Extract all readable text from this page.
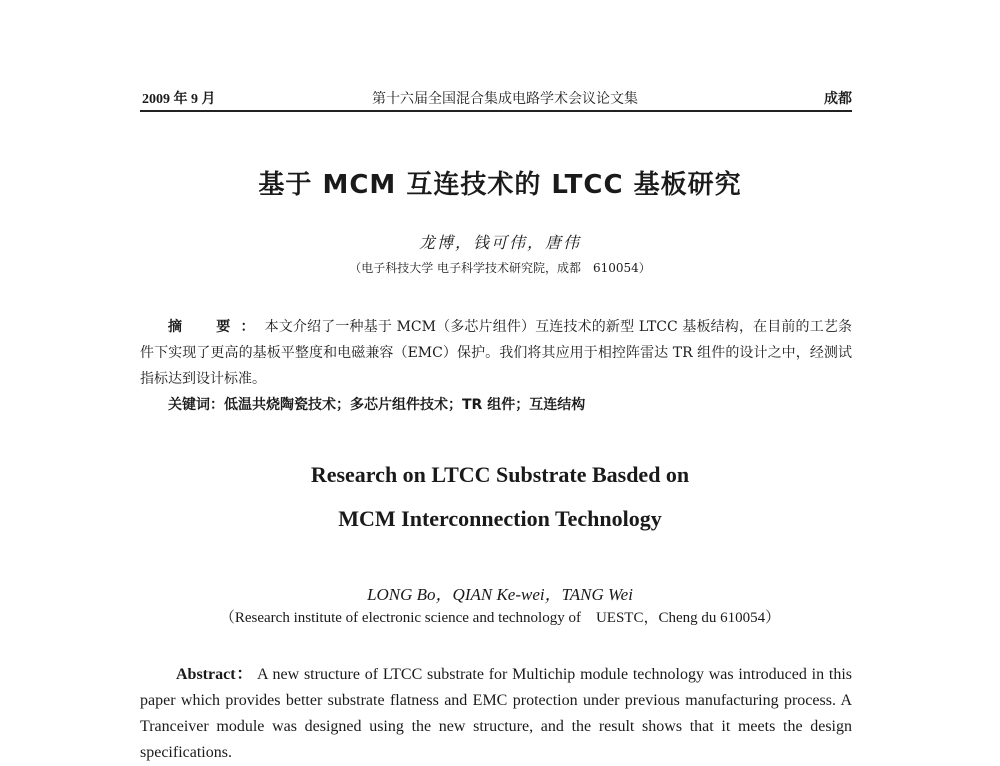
2009 年 9 月	第十六届全国混合集成电路学术会议论文集	成都
基于 MCM 互连技术的 LTCC 基板研究
龙博，钱可伟，唐伟
（电子科技大学 电子科学技术研究院，成都　610054）
摘　要：本文介绍了一种基于 MCM（多芯片组件）互连技术的新型 LTCC 基板结构，在目前的工艺条件下实现了更高的基板平整度和电磁兼容（EMC）保护。我们将其应用于相控阵雷达 TR 组件的设计之中，经测试指标达到设计标准。
关键词：低温共烧陶瓷技术；多芯片组件技术；TR 组件；互连结构
Research on LTCC Substrate Basded on
MCM Interconnection Technology
LONG Bo，QIAN Ke-wei，TANG Wei
（Research institute of electronic science and technology of　UESTC，Cheng du 610054）
Abstract： A new structure of LTCC substrate for Multichip module technology was introduced in this paper which provides better substrate flatness and EMC protection under previous manufacturing process. A Tranceiver module was designed using the new structure, and the result shows that it meets the design specifications.
